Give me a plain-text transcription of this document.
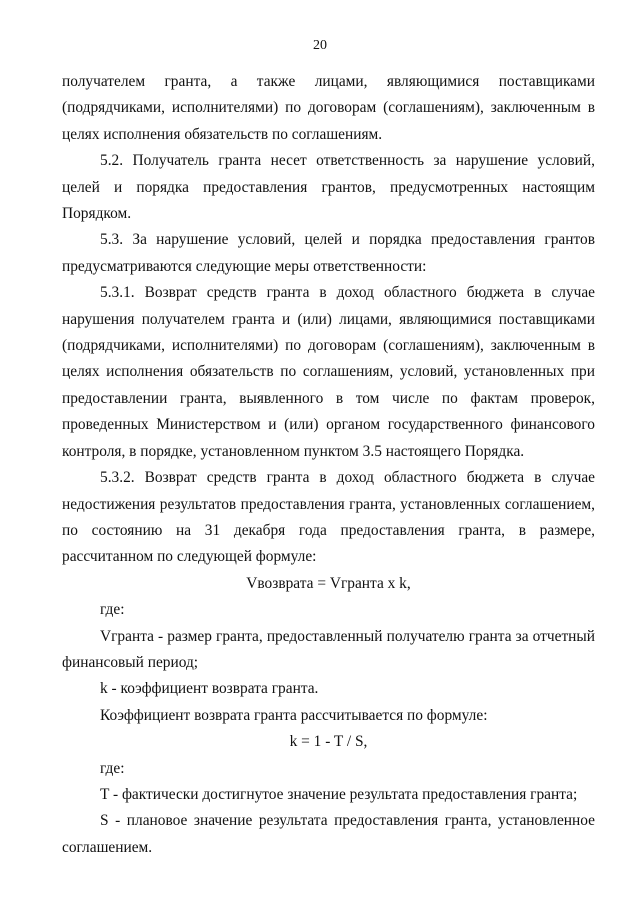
20

получателем гранта, а также лицами, являющимися поставщиками (подрядчиками, исполнителями) по договорам (соглашениям), заключенным в целях исполнения обязательств по соглашениям.

5.2. Получатель гранта несет ответственность за нарушение условий, целей и порядка предоставления грантов, предусмотренных настоящим Порядком.

5.3. За нарушение условий, целей и порядка предоставления грантов предусматриваются следующие меры ответственности:

5.3.1. Возврат средств гранта в доход областного бюджета в случае нарушения получателем гранта и (или) лицами, являющимися поставщиками (подрядчиками, исполнителями) по договорам (соглашениям), заключенным в целях исполнения обязательств по соглашениям, условий, установленных при предоставлении гранта, выявленного в том числе по фактам проверок, проведенных Министерством и (или) органом государственного финансового контроля, в порядке, установленном пунктом 3.5 настоящего Порядка.

5.3.2. Возврат средств гранта в доход областного бюджета в случае недостижения результатов предоставления гранта, установленных соглашением, по состоянию на 31 декабря года предоставления гранта, в размере, рассчитанном по следующей формуле:

Vвозврата = Vгранта x k,

где:

Vгранта - размер гранта, предоставленный получателю гранта за отчетный финансовый период;

k - коэффициент возврата гранта.

Коэффициент возврата гранта рассчитывается по формуле:

k = 1 - T / S,

где:

T - фактически достигнутое значение результата предоставления гранта;

S - плановое значение результата предоставления гранта, установленное соглашением.
